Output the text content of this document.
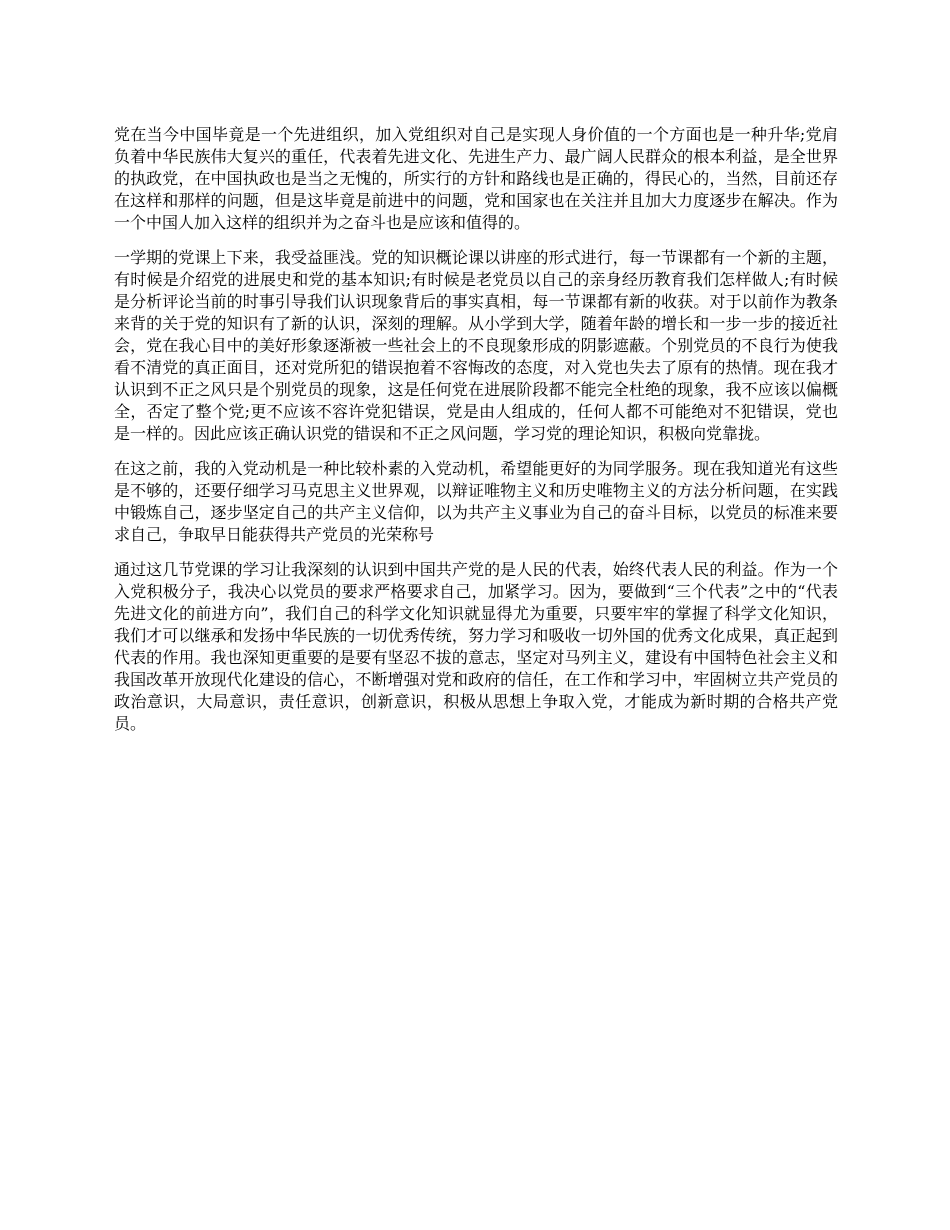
党在当今中国毕竟是一个先进组织，加入党组织对自己是实现人身价值的一个方面也是一种升华;党肩负着中华民族伟大复兴的重任，代表着先进文化、先进生产力、最广阔人民群众的根本利益，是全世界的执政党，在中国执政也是当之无愧的，所实行的方针和路线也是正确的，得民心的，当然，目前还存在这样和那样的问题，但是这毕竟是前进中的问题，党和国家也在关注并且加大力度逐步在解决。作为一个中国人加入这样的组织并为之奋斗也是应该和值得的。

一学期的党课上下来，我受益匪浅。党的知识概论课以讲座的形式进行，每一节课都有一个新的主题，有时候是介绍党的进展史和党的基本知识;有时候是老党员以自己的亲身经历教育我们怎样做人;有时候是分析评论当前的时事引导我们认识现象背后的事实真相，每一节课都有新的收获。对于以前作为教条来背的关于党的知识有了新的认识，深刻的理解。从小学到大学，随着年龄的增长和一步一步的接近社会，党在我心目中的美好形象逐渐被一些社会上的不良现象形成的阴影遮蔽。个别党员的不良行为使我看不清党的真正面目，还对党所犯的错误抱着不容悔改的态度，对入党也失去了原有的热情。现在我才认识到不正之风只是个别党员的现象，这是任何党在进展阶段都不能完全杜绝的现象，我不应该以偏概全，否定了整个党;更不应该不容许党犯错误，党是由人组成的，任何人都不可能绝对不犯错误，党也是一样的。因此应该正确认识党的错误和不正之风问题，学习党的理论知识，积极向党靠拢。

在这之前，我的入党动机是一种比较朴素的入党动机，希望能更好的为同学服务。现在我知道光有这些是不够的，还要仔细学习马克思主义世界观，以辩证唯物主义和历史唯物主义的方法分析问题，在实践中锻炼自己，逐步坚定自己的共产主义信仰，以为共产主义事业为自己的奋斗目标，以党员的标准来要求自己，争取早日能获得共产党员的光荣称号

通过这几节党课的学习让我深刻的认识到中国共产党的是人民的代表，始终代表人民的利益。作为一个入党积极分子，我决心以党员的要求严格要求自己，加紧学习。因为，要做到“三个代表”之中的“代表先进文化的前进方向”，我们自己的科学文化知识就显得尤为重要，只要牢牢的掌握了科学文化知识，我们才可以继承和发扬中华民族的一切优秀传统，努力学习和吸收一切外国的优秀文化成果，真正起到代表的作用。我也深知更重要的是要有坚忍不拔的意志，坚定对马列主义，建设有中国特色社会主义和我国改革开放现代化建设的信心，不断增强对党和政府的信任，在工作和学习中，牢固树立共产党员的政治意识，大局意识，责任意识，创新意识，积极从思想上争取入党，才能成为新时期的合格共产党员。
